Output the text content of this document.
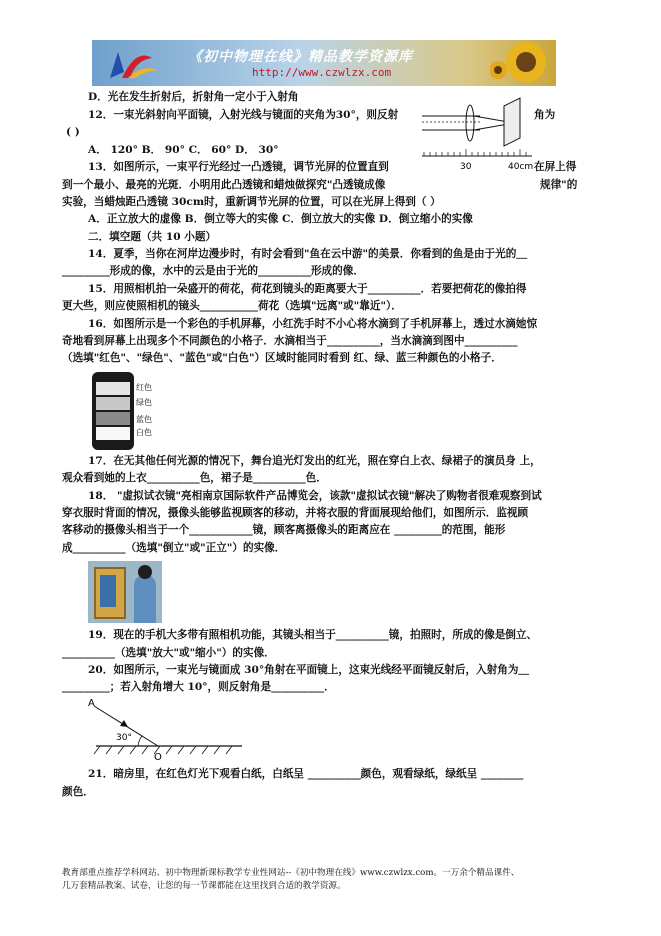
《初中物理在线》精品教学资源库
http://www.czwlzx.com
D．光在发生折射后，折射角一定小于入射角
12．一束光斜射向平面镜，入射光线与镜面的夹角为30°，则反射	角为
( )
A． 120° B． 90° C． 60° D． 30°
13．如图所示，一束平行光经过一凸透镜，调节光屏的位置直到	在屏上得
到一个最小、最亮的光斑．小明用此凸透镜和蜡烛做探究"凸透镜成像	规律"的
实验，当蜡烛距凸透镜 30cm时，重新调节光屏的位置，可以在光屏上得到（ ）
A．正立放大的虚像 B．倒立等大的实像 C．倒立放大的实像 D．倒立缩小的实像
二．填空题（共 10 小题）
14．夏季，当你在河岸边漫步时，有时会看到"鱼在云中游"的美景．你看到的鱼是由于光的＿
_________形成的像，水中的云是由于光的__________形成的像．
15．用照相机拍一朵盛开的荷花，荷花到镜头的距离要大于__________．若要把荷花的像拍得
更大些，则应使照相机的镜头___________荷花（选填"远离"或"靠近"）．
16．如图所示是一个彩色的手机屏幕，小红洗手时不小心将水滴到了手机屏幕上，透过水滴她惊
奇地看到屏幕上出现多个不同颜色的小格子．水滴相当于__________，当水滴滴到图中__________
（选填"红色"、"绿色"、"蓝色"或"白色"）区域时能同时看到 红、绿、蓝三种颜色的小格子．
17．在无其他任何光源的情况下，舞台追光灯发出的红光，照在穿白上衣、绿裙子的演员身 上，
观众看到她的上衣__________色，裙子是__________色．
18． "虚拟试衣镜"亮相南京国际软件产品博览会，该款"虚拟试衣镜"解决了购物者很难观察到试
穿衣服时背面的情况，摄像头能够监视顾客的移动，并将衣服的背面展现给他们，如图所示．监视顾
客移动的摄像头相当于一个____________镜，顾客离摄像头的距离应在 _________的范围，能形
成__________（选填"倒立"或"正立"）的实像．
19．现在的手机大多带有照相机功能，其镜头相当于__________镜，拍照时，所成的像是倒立、
__________（选填"放大"或"缩小"）的实像．
20．如图所示，一束光与镜面成 30°角射在平面镜上，这束光线经平面镜反射后，入射角为＿
_________；若入射角增大 10°，则反射角是__________．
21．暗房里，在红色灯光下观看白纸，白纸呈 __________颜色，观看绿纸，绿纸呈 ________
颜色．
30	40cm
红色
绿色
蓝色
白色
A
30°
O
教育部重点推荐学科网站、初中物理新课标教学专业性网站--《初中物理在线》www.czwlzx.com。一万余个精品课件、
几万套精品教案、试卷，让您的每一节课都能在这里找到合适的教学资源。
